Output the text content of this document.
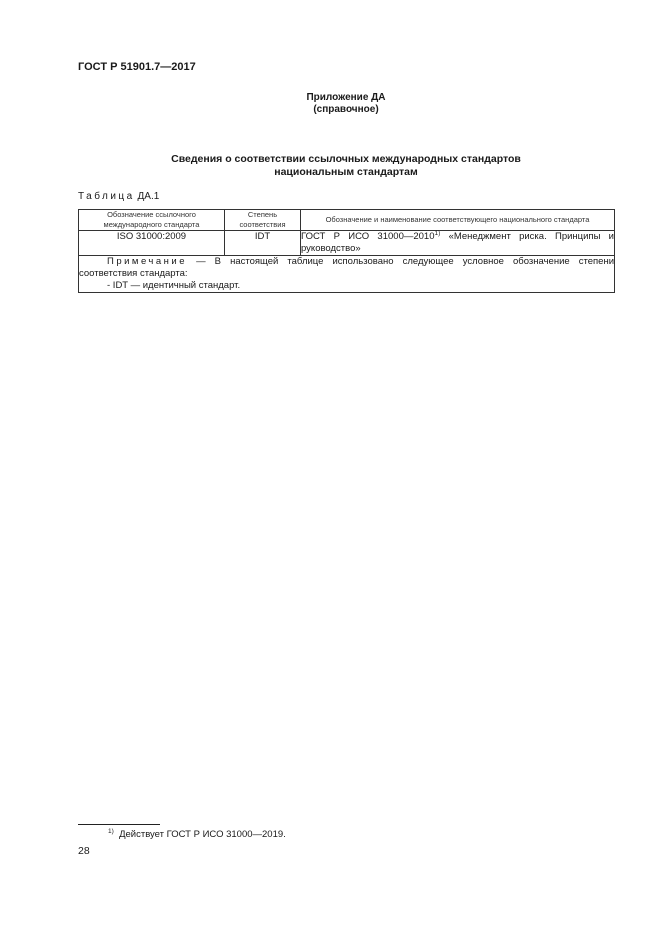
ГОСТ Р 51901.7—2017
Приложение ДА
(справочное)
Сведения о соответствии ссылочных международных стандартов
национальным стандартам
Таблица ДА.1
Обозначение ссылочного международного стандарта	Степень соответствия	Обозначение и наименование соответствующего национального стандарта
ISO 31000:2009	IDT	ГОСТ Р ИСО 31000—2010$^{1)}$ «Менеджмент риска. Принципы и руководство»

Примечание — В настоящей таблице использовано следующее условное обозначение степени соответствия стандарта:
- IDT — идентичный стандарт.		
$^{1)}$ Действует ГОСТ Р ИСО 31000—2019.
28
